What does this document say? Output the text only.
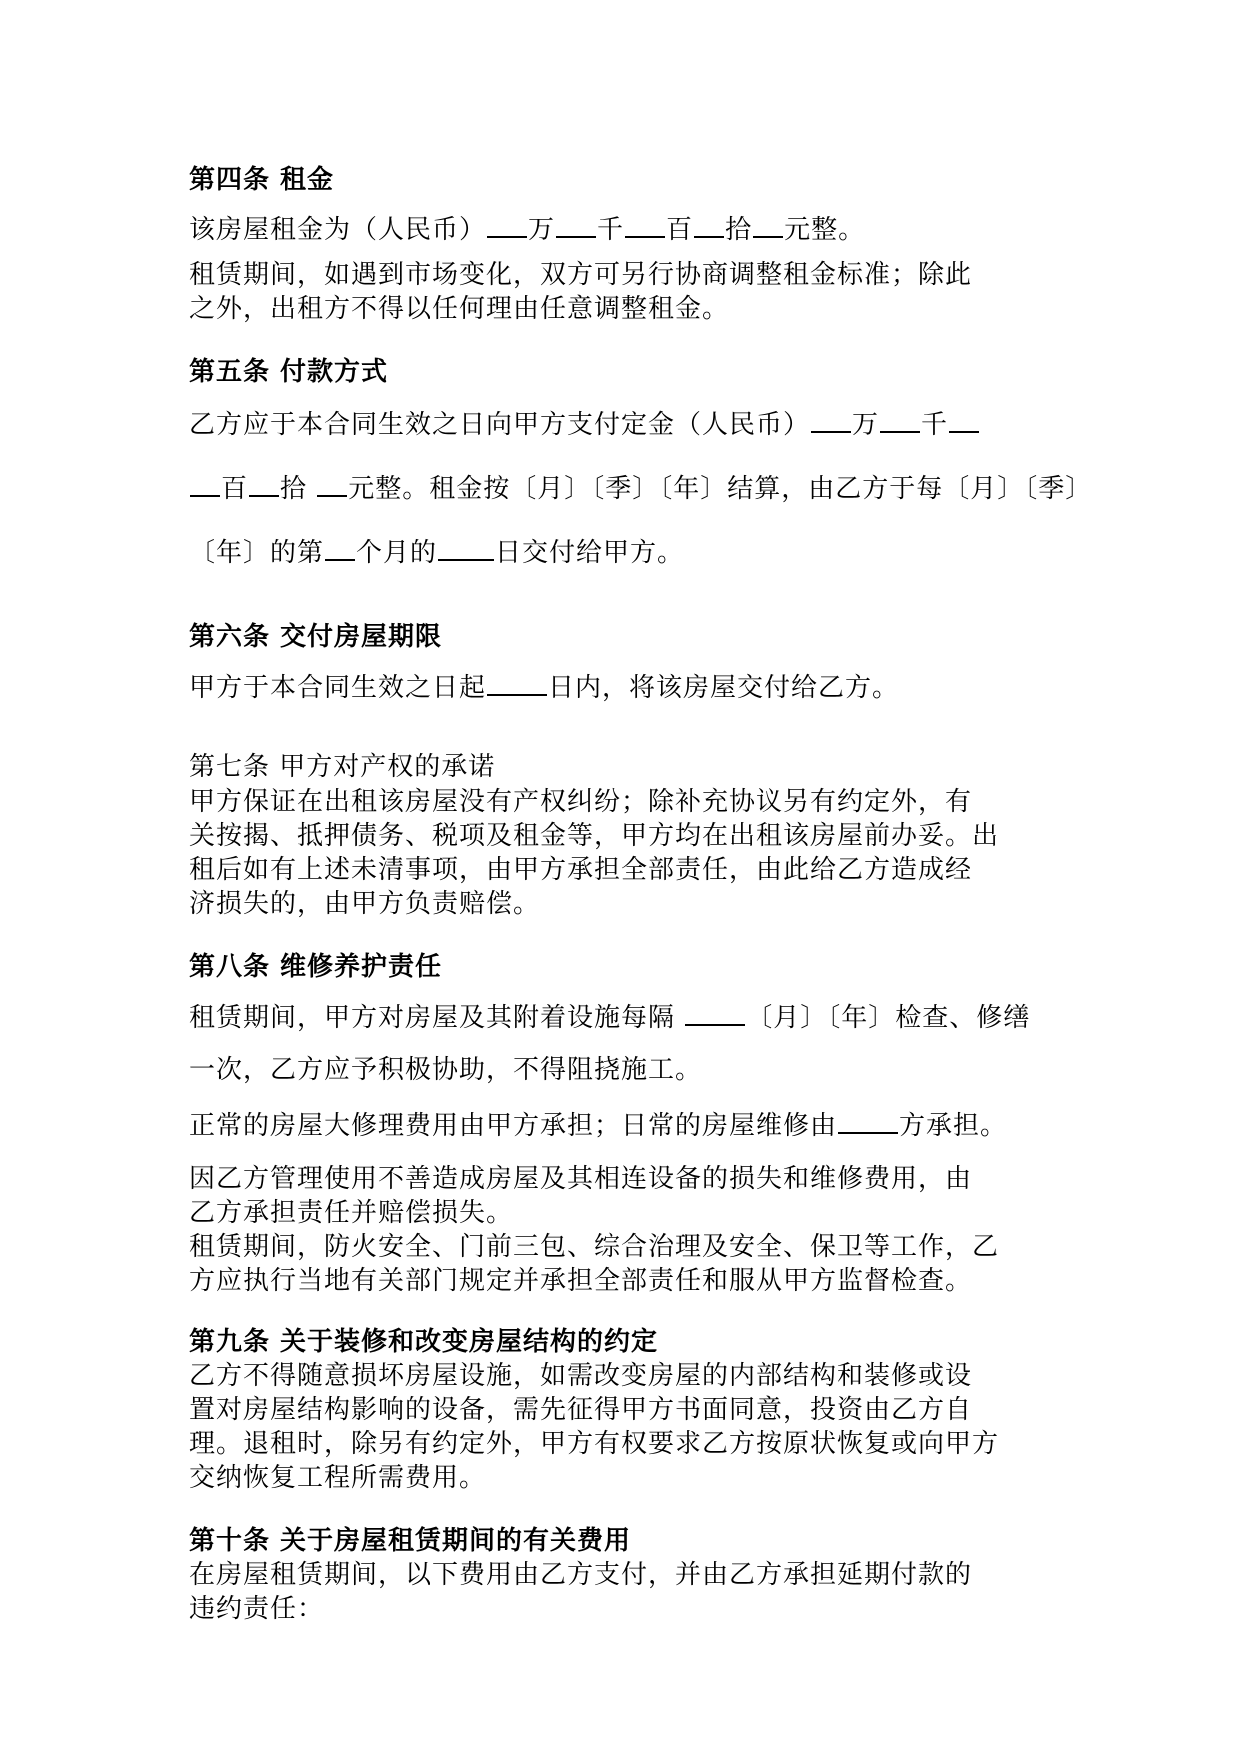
第四条 租金
该房屋租金为（人民币） 万 千 百 拾 元整。
租赁期间，如遇到市场变化，双方可另行协商调整租金标准；除此
之外，出租方不得以任何理由任意调整租金。
第五条 付款方式
乙方应于本合同生效之日向甲方支付定金（人民币） 万 千
百 拾 元整。租金按〔月〕〔季〕〔年〕结算，由乙方于每〔月〕〔季〕
〔年〕的第 个月的 日交付给甲方。
第六条 交付房屋期限
甲方于本合同生效之日起 日内，将该房屋交付给乙方。
第七条 甲方对产权的承诺
甲方保证在出租该房屋没有产权纠纷；除补充协议另有约定外，有
关按揭、抵押债务、税项及租金等，甲方均在出租该房屋前办妥。出
租后如有上述未清事项，由甲方承担全部责任，由此给乙方造成经
济损失的，由甲方负责赔偿。
第八条 维修养护责任
租赁期间，甲方对房屋及其附着设施每隔 〔月〕〔年〕检查、修缮
一次，乙方应予积极协助，不得阻挠施工。
正常的房屋大修理费用由甲方承担；日常的房屋维修由 方承担。
因乙方管理使用不善造成房屋及其相连设备的损失和维修费用，由
乙方承担责任并赔偿损失。
租赁期间，防火安全、门前三包、综合治理及安全、保卫等工作，乙
方应执行当地有关部门规定并承担全部责任和服从甲方监督检查。
第九条 关于装修和改变房屋结构的约定
乙方不得随意损坏房屋设施，如需改变房屋的内部结构和装修或设
置对房屋结构影响的设备，需先征得甲方书面同意，投资由乙方自
理。退租时，除另有约定外，甲方有权要求乙方按原状恢复或向甲方
交纳恢复工程所需费用。
第十条 关于房屋租赁期间的有关费用
在房屋租赁期间，以下费用由乙方支付，并由乙方承担延期付款的
违约责任：
